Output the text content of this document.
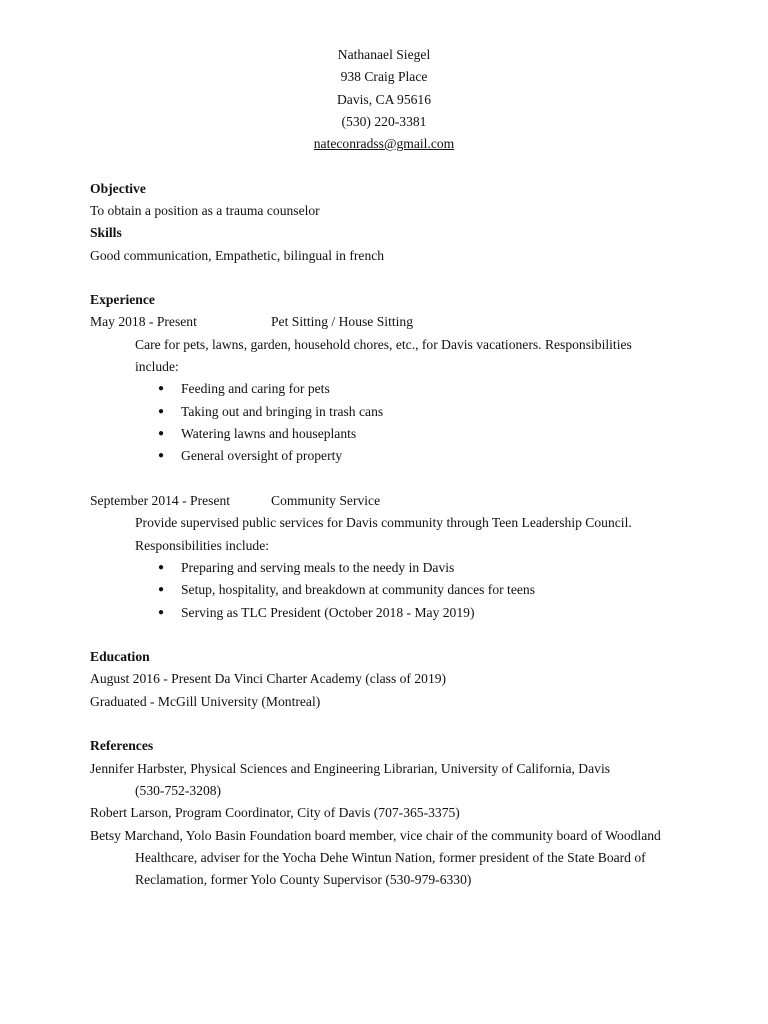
Nathanael Siegel
938 Craig Place
Davis, CA 95616
(530) 220-3381
nateconradss@gmail.com
Objective
To obtain a position as a trauma counselor
Skills
Good communication, Empathetic, bilingual in french
Experience
May 2018 - Present	Pet Sitting / House Sitting
Care for pets, lawns, garden, household chores, etc., for Davis vacationers. Responsibilities
include:
● Feeding and caring for pets
● Taking out and bringing in trash cans
● Watering lawns and houseplants
● General oversight of property
September 2014 - Present	Community Service
Provide supervised public services for Davis community through Teen Leadership Council.
Responsibilities include:
● Preparing and serving meals to the needy in Davis
● Setup, hospitality, and breakdown at community dances for teens
● Serving as TLC President (October 2018 - May 2019)
Education
August 2016 - Present Da Vinci Charter Academy (class of 2019)
Graduated - McGill University (Montreal)
References
Jennifer Harbster, Physical Sciences and Engineering Librarian, University of California, Davis
(530-752-3208)
Robert Larson, Program Coordinator, City of Davis (707-365-3375)
Betsy Marchand, Yolo Basin Foundation board member, vice chair of the community board of Woodland
Healthcare, adviser for the Yocha Dehe Wintun Nation, former president of the State Board of
Reclamation, former Yolo County Supervisor (530-979-6330)
